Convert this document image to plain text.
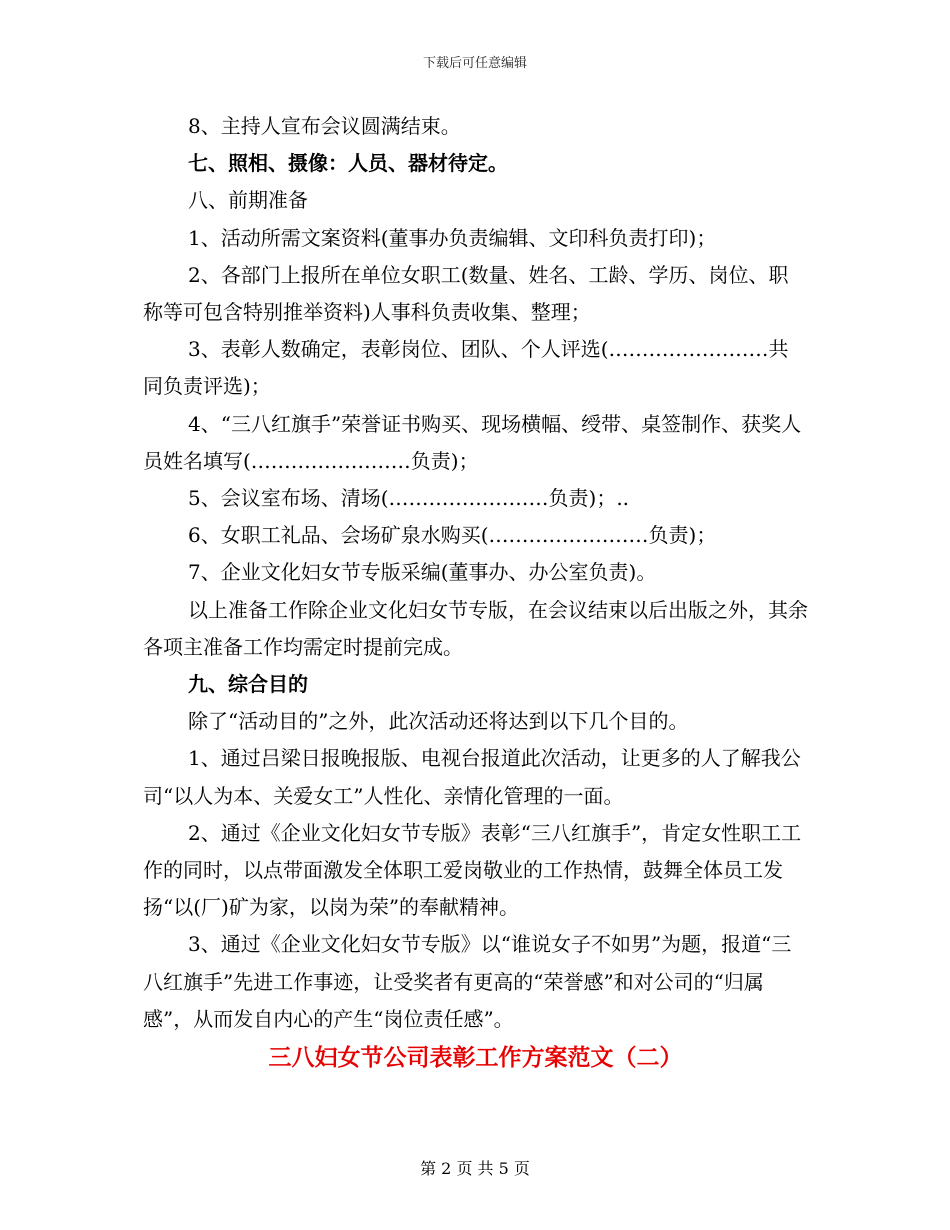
下载后可任意编辑

8、主持人宣布会议圆满结束。

七、照相、摄像：人员、器材待定。

八、前期准备

1、活动所需文案资料(董事办负责编辑、文印科负责打印)；

2、各部门上报所在单位女职工(数量、姓名、工龄、学历、岗位、职称等可包含特别推举资料)人事科负责收集、整理；

3、表彰人数确定，表彰岗位、团队、个人评选(……………………共同负责评选)；

4、“三八红旗手”荣誉证书购买、现场横幅、绶带、桌签制作、获奖人员姓名填写(……………………负责)；

5、会议室布场、清场(……………………负责)；..

6、女职工礼品、会场矿泉水购买(……………………负责)；

7、企业文化妇女节专版采编(董事办、办公室负责)。

以上准备工作除企业文化妇女节专版，在会议结束以后出版之外，其余各项主准备工作均需定时提前完成。

九、综合目的

除了“活动目的”之外，此次活动还将达到以下几个目的。

1、通过吕梁日报晚报版、电视台报道此次活动，让更多的人了解我公司“以人为本、关爱女工”人性化、亲情化管理的一面。

2、通过《企业文化妇女节专版》表彰“三八红旗手”，肯定女性职工工作的同时，以点带面激发全体职工爱岗敬业的工作热情，鼓舞全体员工发扬“以(厂)矿为家，以岗为荣”的奉献精神。

3、通过《企业文化妇女节专版》以“谁说女子不如男”为题，报道“三八红旗手”先进工作事迹，让受奖者有更高的“荣誉感”和对公司的“归属感”，从而发自内心的产生“岗位责任感”。

三八妇女节公司表彰工作方案范文（二）

第 2 页 共 5 页
